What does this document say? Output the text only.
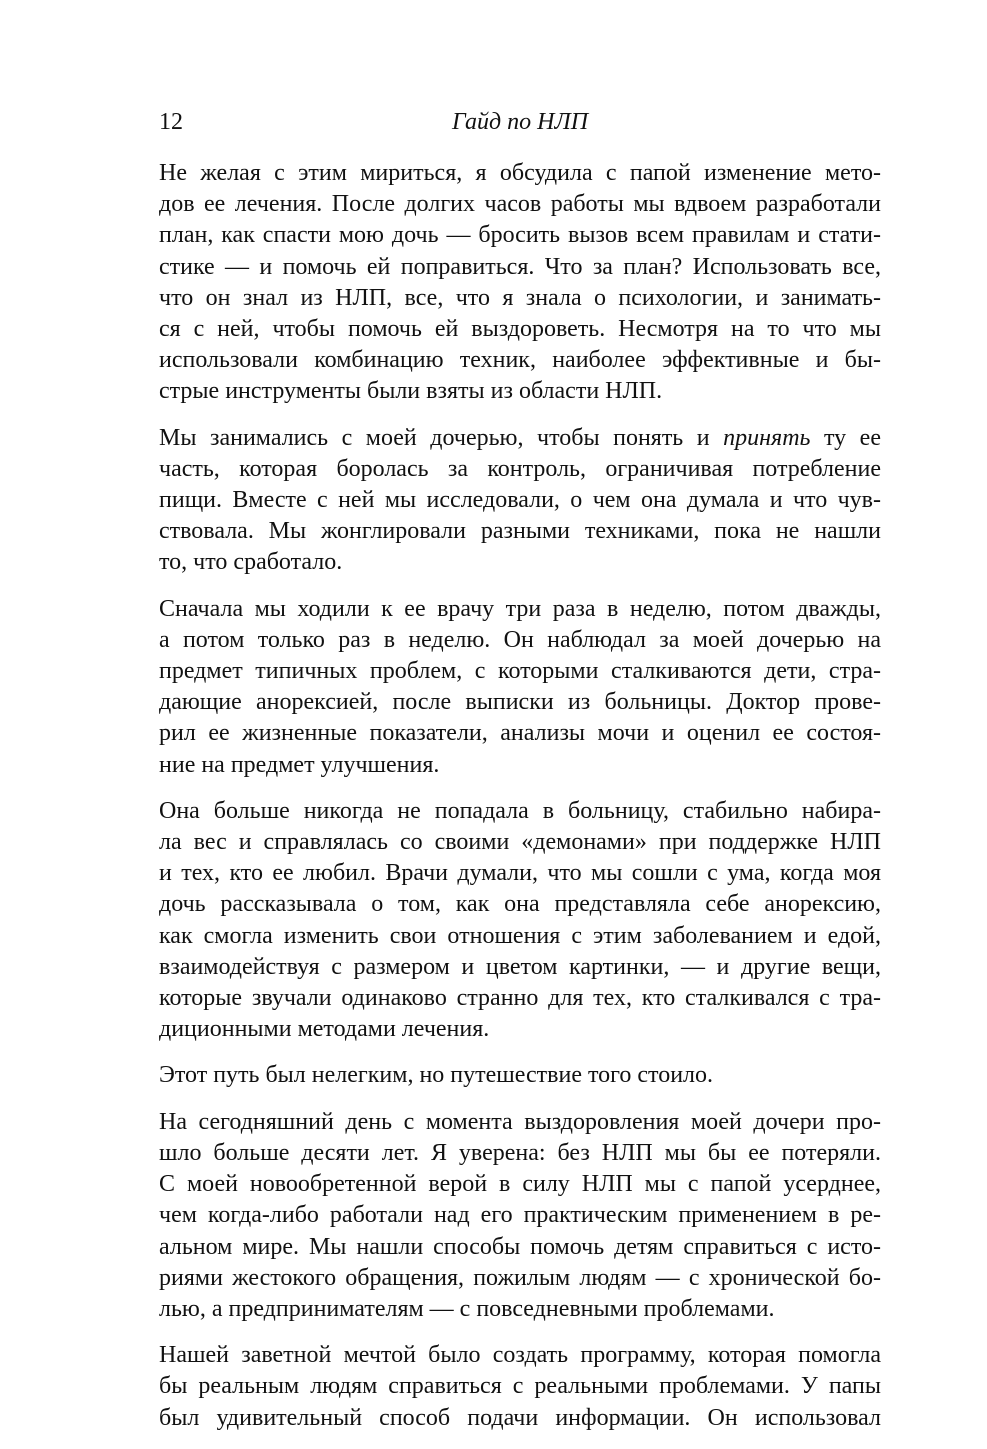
12	Гайд по НЛП
Не желая с этим мириться, я обсудила с папой изменение мето-
дов ее лечения. После долгих часов работы мы вдвоем разработали
план, как спасти мою дочь — бросить вызов всем правилам и стати-
стике — и помочь ей поправиться. Что за план? Использовать все,
что он знал из НЛП, все, что я знала о психологии, и занимать-
ся с ней, чтобы помочь ей выздороветь. Несмотря на то что мы
использовали комбинацию техник, наиболее эффективные и бы-
стрые инструменты были взяты из области НЛП.
Мы занимались с моей дочерью, чтобы понять и принять ту ее
часть, которая боролась за контроль, ограничивая потребление
пищи. Вместе с ней мы исследовали, о чем она думала и что чув-
ствовала. Мы жонглировали разными техниками, пока не нашли
то, что сработало.
Сначала мы ходили к ее врачу три раза в неделю, потом дважды,
а потом только раз в неделю. Он наблюдал за моей дочерью на
предмет типичных проблем, с которыми сталкиваются дети, стра-
дающие анорексией, после выписки из больницы. Доктор прове-
рил ее жизненные показатели, анализы мочи и оценил ее состоя-
ние на предмет улучшения.
Она больше никогда не попадала в больницу, стабильно набира-
ла вес и справлялась со своими «демонами» при поддержке НЛП
и тех, кто ее любил. Врачи думали, что мы сошли с ума, когда моя
дочь рассказывала о том, как она представляла себе анорексию,
как смогла изменить свои отношения с этим заболеванием и едой,
взаимодействуя с размером и цветом картинки, — и другие вещи,
которые звучали одинаково странно для тех, кто сталкивался с тра-
диционными методами лечения.
Этот путь был нелегким, но путешествие того стоило.
На сегодняшний день с момента выздоровления моей дочери про-
шло больше десяти лет. Я уверена: без НЛП мы бы ее потеряли.
С моей новообретенной верой в силу НЛП мы с папой усерднее,
чем когда-либо работали над его практическим применением в ре-
альном мире. Мы нашли способы помочь детям справиться с исто-
риями жестокого обращения, пожилым людям — с хронической бо-
лью, а предпринимателям — с повседневными проблемами.
Нашей заветной мечтой было создать программу, которая помогла
бы реальным людям справиться с реальными проблемами. У папы
был удивительный способ подачи информации. Он использовал
